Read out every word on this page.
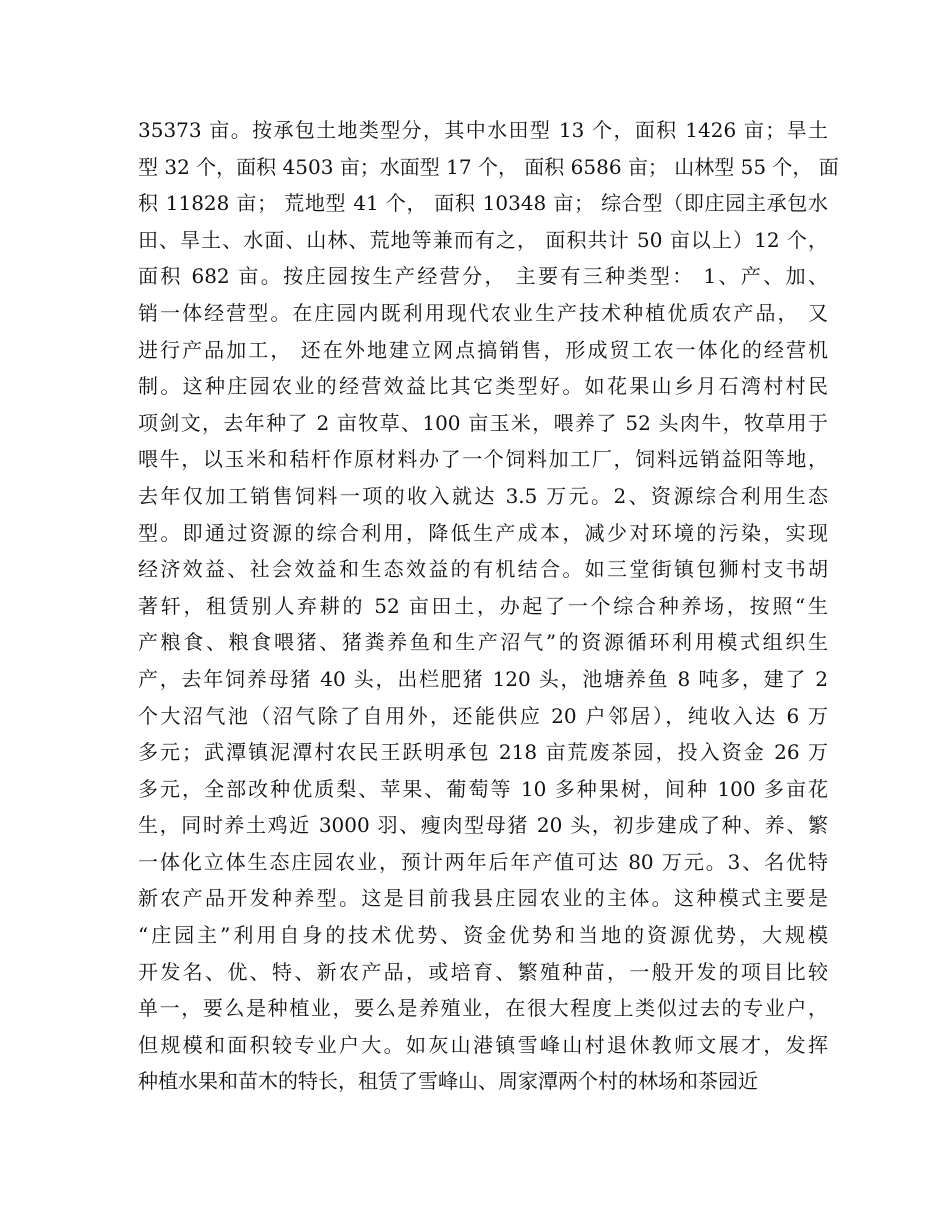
35373 亩。按承包土地类型分，其中水田型 13 个，面积 1426 亩；旱土
型 32 个，面积 4503 亩；水面型 17 个， 面积 6586 亩； 山林型 55 个， 面
积 11828 亩； 荒地型 41 个， 面积 10348 亩； 综合型（即庄园主承包水
田、旱土、水面、山林、荒地等兼而有之， 面积共计 50 亩以上）12 个，
面积 682 亩。按庄园按生产经营分， 主要有三种类型： 1、产、加、
销一体经营型。在庄园内既利用现代农业生产技术种植优质农产品， 又
进行产品加工， 还在外地建立网点搞销售，形成贸工农一体化的经营机
制。这种庄园农业的经营效益比其它类型好。如花果山乡月石湾村村民
项剑文，去年种了 2 亩牧草、100 亩玉米，喂养了 52 头肉牛，牧草用于
喂牛，以玉米和秸杆作原材料办了一个饲料加工厂，饲料远销益阳等地，
去年仅加工销售饲料一项的收入就达 3.5 万元。2、资源综合利用生态
型。即通过资源的综合利用，降低生产成本，减少对环境的污染，实现
经济效益、社会效益和生态效益的有机结合。如三堂街镇包狮村支书胡
著轩，租赁别人弃耕的 52 亩田土，办起了一个综合种养场，按照“生
产粮食、粮食喂猪、猪粪养鱼和生产沼气”的资源循环利用模式组织生
产，去年饲养母猪 40 头，出栏肥猪 120 头，池塘养鱼 8 吨多，建了 2
个大沼气池（沼气除了自用外，还能供应 20 户邻居），纯收入达 6 万
多元；武潭镇泥潭村农民王跃明承包 218 亩荒废茶园，投入资金 26 万
多元，全部改种优质梨、苹果、葡萄等 10 多种果树，间种 100 多亩花
生，同时养土鸡近 3000 羽、瘦肉型母猪 20 头，初步建成了种、养、繁
一体化立体生态庄园农业，预计两年后年产值可达 80 万元。3、名优特
新农产品开发种养型。这是目前我县庄园农业的主体。这种模式主要是
“庄园主”利用自身的技术优势、资金优势和当地的资源优势，大规模
开发名、优、特、新农产品，或培育、繁殖种苗，一般开发的项目比较
单一，要么是种植业，要么是养殖业，在很大程度上类似过去的专业户，
但规模和面积较专业户大。如灰山港镇雪峰山村退休教师文展才，发挥
种植水果和苗木的特长，租赁了雪峰山、周家潭两个村的林场和茶园近
